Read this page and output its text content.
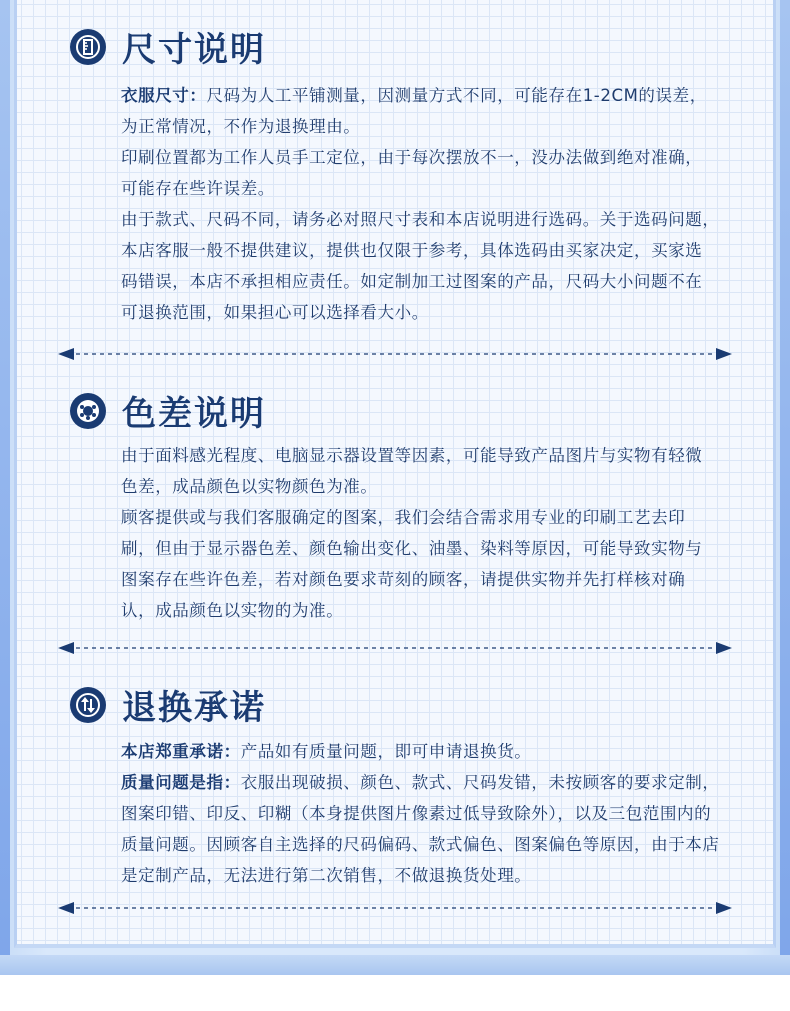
尺寸说明

衣服尺寸：尺码为人工平铺测量，因测量方式不同，可能存在1-2CM的误差，

为正常情况，不作为退换理由。

印刷位置都为工作人员手工定位，由于每次摆放不一，没办法做到绝对准确，

可能存在些许误差。

由于款式、尺码不同，请务必对照尺寸表和本店说明进行选码。关于选码问题，

本店客服一般不提供建议，提供也仅限于参考，具体选码由买家决定，买家选

码错误，本店不承担相应责任。如定制加工过图案的产品，尺码大小问题不在

可退换范围，如果担心可以选择看大小。

色差说明

由于面料感光程度、电脑显示器设置等因素，可能导致产品图片与实物有轻微

色差，成品颜色以实物颜色为准。

顾客提供或与我们客服确定的图案，我们会结合需求用专业的印刷工艺去印

刷，但由于显示器色差、颜色输出变化、油墨、染料等原因，可能导致实物与

图案存在些许色差，若对颜色要求苛刻的顾客，请提供实物并先打样核对确

认，成品颜色以实物的为准。

退换承诺

本店郑重承诺：产品如有质量问题，即可申请退换货。

质量问题是指：衣服出现破损、颜色、款式、尺码发错，未按顾客的要求定制，

图案印错、印反、印糊（本身提供图片像素过低导致除外），以及三包范围内的

质量问题。因顾客自主选择的尺码偏码、款式偏色、图案偏色等原因，由于本店

是定制产品，无法进行第二次销售，不做退换货处理。
